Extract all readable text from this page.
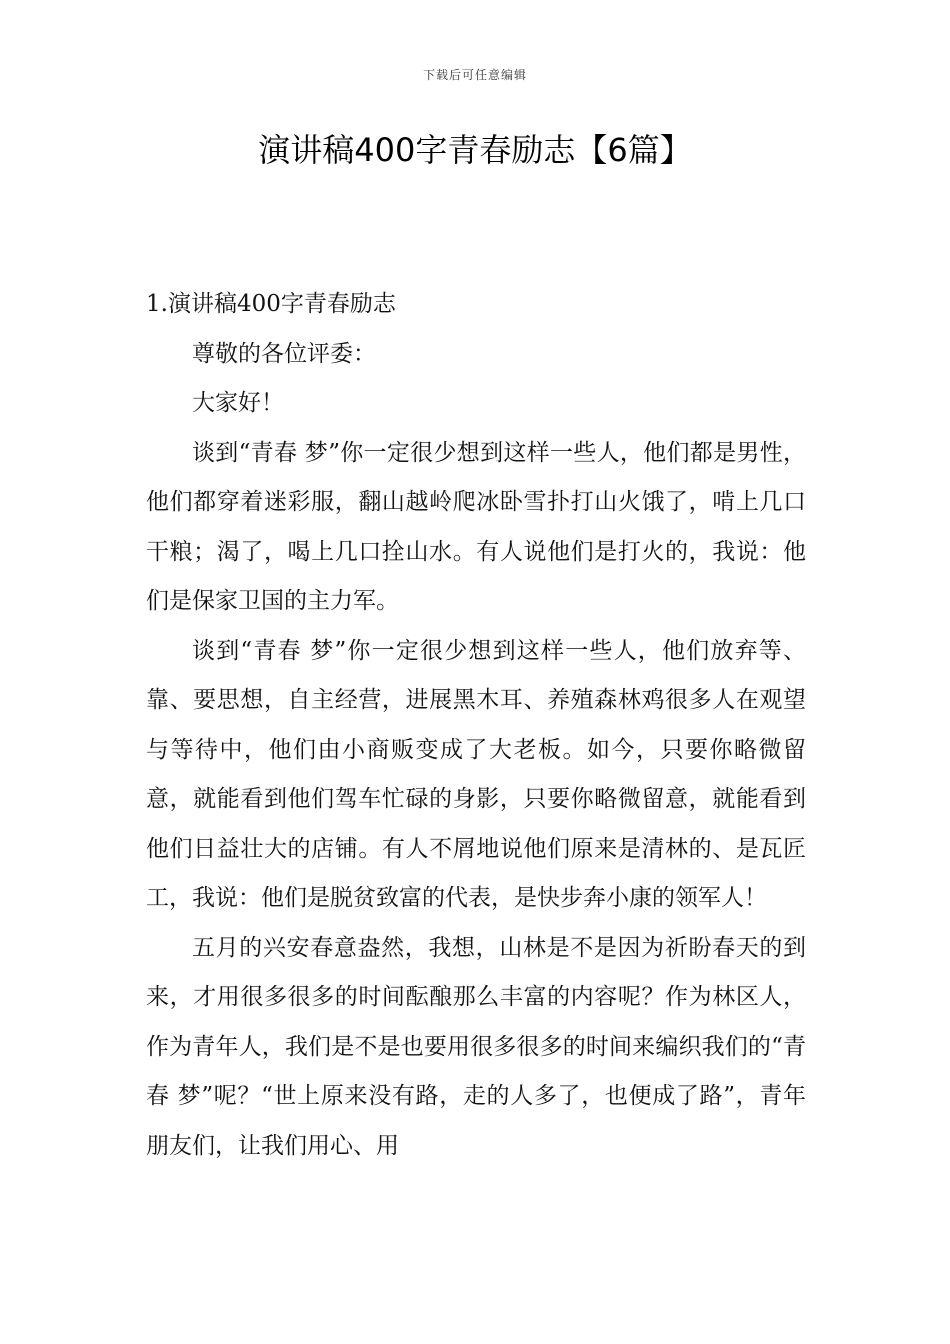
下载后可任意编辑
演讲稿400字青春励志【6篇】
1.演讲稿400字青春励志

尊敬的各位评委：

大家好！

谈到“青春 梦”你一定很少想到这样一些人，他们都是男性，他们都穿着迷彩服，翻山越岭爬冰卧雪扑打山火饿了，啃上几口干粮；渴了，喝上几口拴山水。有人说他们是打火的，我说：他们是保家卫国的主力军。

谈到“青春 梦”你一定很少想到这样一些人，他们放弃等、靠、要思想，自主经营，进展黑木耳、养殖森林鸡很多人在观望与等待中，他们由小商贩变成了大老板。如今，只要你略微留意，就能看到他们驾车忙碌的身影，只要你略微留意，就能看到他们日益壮大的店铺。有人不屑地说他们原来是清林的、是瓦匠工，我说：他们是脱贫致富的代表，是快步奔小康的领军人！

五月的兴安春意盎然，我想，山林是不是因为祈盼春天的到来，才用很多很多的时间酝酿那么丰富的内容呢？作为林区人，作为青年人，我们是不是也要用很多很多的时间来编织我们的“青春 梦”呢？“世上原来没有路，走的人多了，也便成了路”，青年朋友们，让我们用心、用
